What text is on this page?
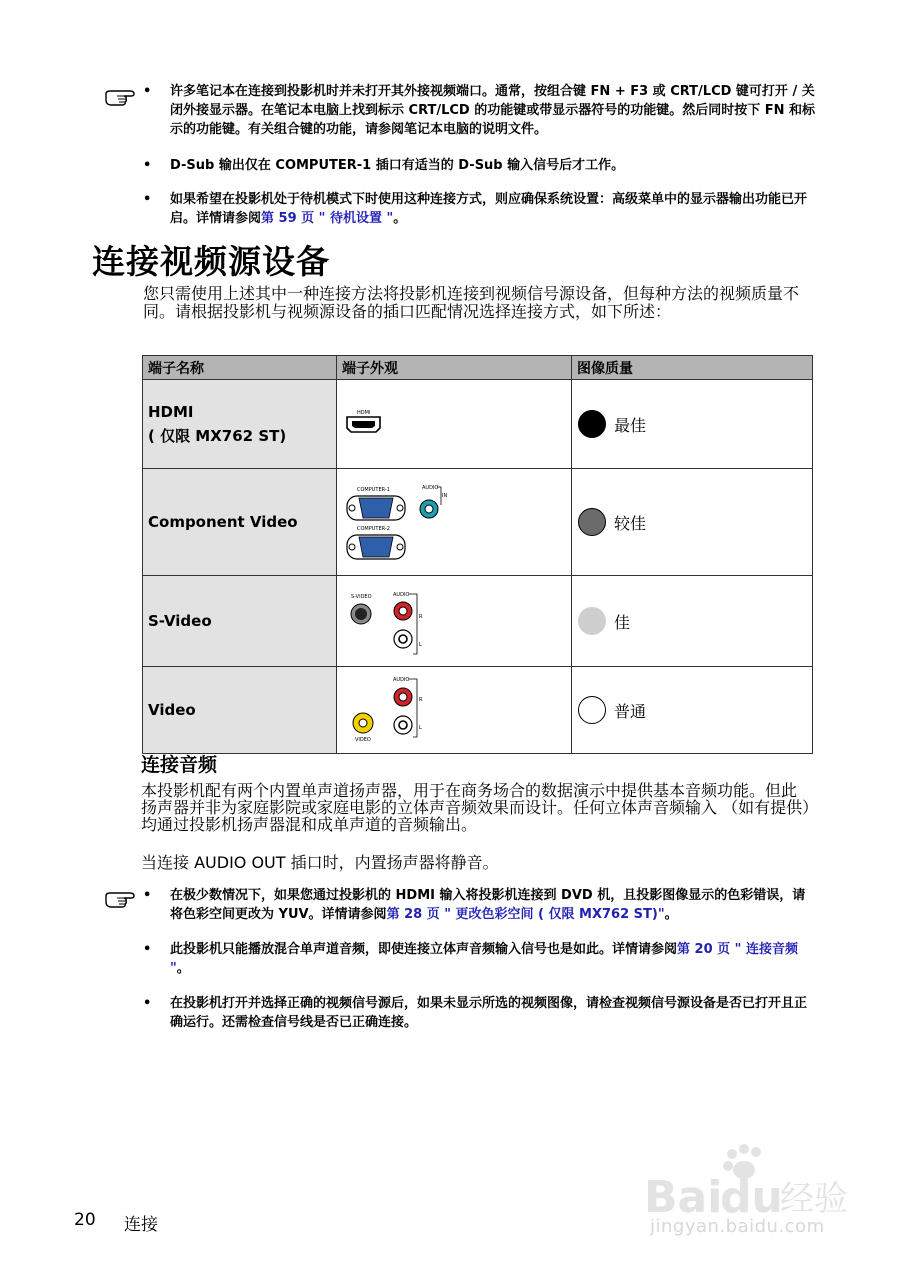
• 许多笔记本在连接到投影机时并未打开其外接视频端口。通常，按组合键 FN + F3 或 CRT/LCD 键可打开 / 关闭外接显示器。在笔记本电脑上找到标示 CRT/LCD 的功能键或带显示器符号的功能键。然后同时按下 FN 和标示的功能键。有关组合键的功能，请参阅笔记本电脑的说明文件。
• D-Sub 输出仅在 COMPUTER-1 插口有适当的 D-Sub 输入信号后才工作。
• 如果希望在投影机处于待机模式下时使用这种连接方式，则应确保系统设置：高级菜单中的显示器输出功能已开启。详情请参阅第 59 页 " 待机设置 "。
连接视频源设备
您只需使用上述其中一种连接方法将投影机连接到视频信号源设备，但每种方法的视频质量不同。请根据投影机与视频源设备的插口匹配情况选择连接方式，如下所述：
端子名称	端子外观	图像质量

HDMI
( 仅限 MX762 ST)	HDMI	最佳

Component Video	COMPUTER-1
COMPUTER-2
AUDIO
IN	较佳

S-Video	S-VIDEO AUDIO
R
L	佳

Video	AUDIO
R
L
VIDEO	普通
连接音频
本投影机配有两个内置单声道扬声器，用于在商务场合的数据演示中提供基本音频功能。但此扬声器并非为家庭影院或家庭电影的立体声音频效果而设计。任何立体声音频输入 （如有提供）均通过投影机扬声器混和成单声道的音频输出。
当连接 AUDIO OUT 插口时，内置扬声器将静音。
• 在极少数情况下，如果您通过投影机的 HDMI 输入将投影机连接到 DVD 机，且投影图像显示的色彩错误，请将色彩空间更改为 YUV。详情请参阅第 28 页 " 更改色彩空间 ( 仅限 MX762 ST)"。
• 此投影机只能播放混合单声道音频，即使连接立体声音频输入信号也是如此。详情请参阅第 20 页 " 连接音频 "。
• 在投影机打开并选择正确的视频信号源后，如果未显示所选的视频图像，请检查视频信号源设备是否已打开且正确运行。还需检查信号线是否已正确连接。
20 连接
Bai
du
经验
jingyan.baidu.com
